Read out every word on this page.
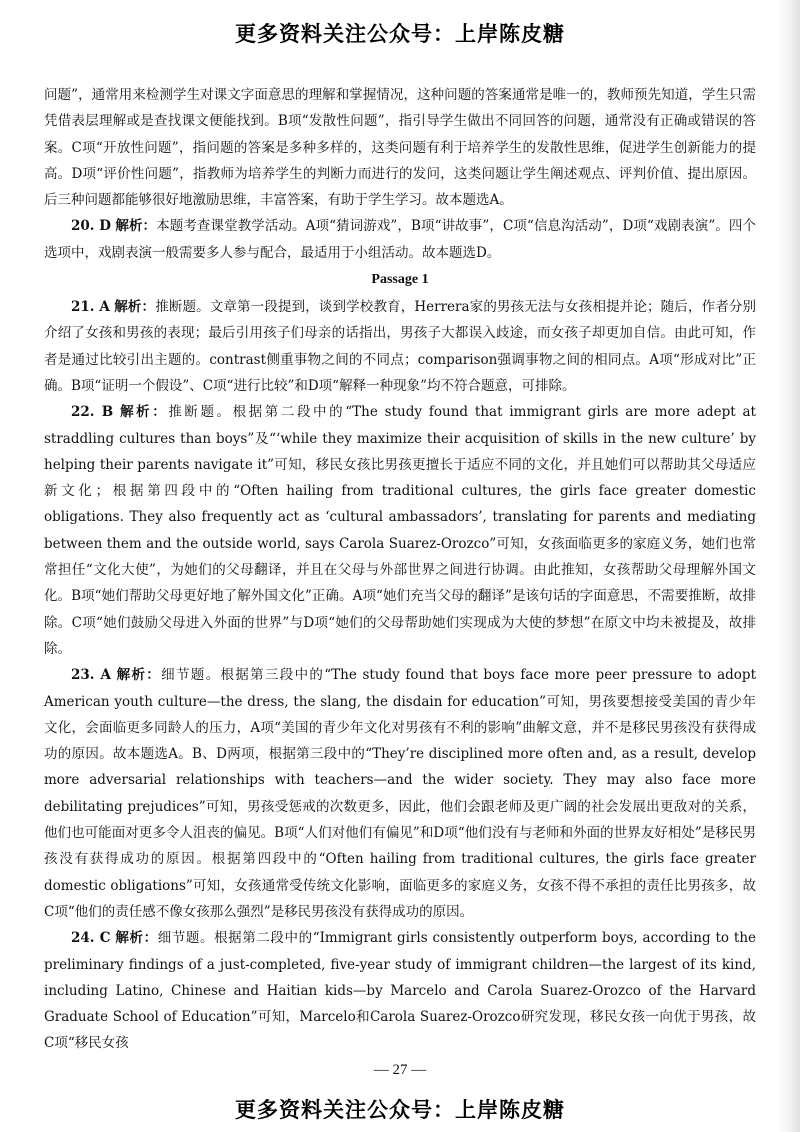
更多资料关注公众号：上岸陈皮糖

问题”，通常用来检测学生对课文字面意思的理解和掌握情况，这种问题的答案通常是唯一的，教师预先知道，学生只需凭借表层理解或是查找课文便能找到。B项“发散性问题”，指引导学生做出不同回答的问题，通常没有正确或错误的答案。C项“开放性问题”，指问题的答案是多种多样的，这类问题有利于培养学生的发散性思维，促进学生创新能力的提高。D项“评价性问题”，指教师为培养学生的判断力而进行的发问，这类问题让学生阐述观点、评判价值、提出原因。后三种问题都能够很好地激励思维，丰富答案，有助于学生学习。故本题选A。

20. D 解析：本题考查课堂教学活动。A项“猜词游戏”，B项“讲故事”，C项“信息沟活动”，D项“戏剧表演”。四个选项中，戏剧表演一般需要多人参与配合，最适用于小组活动。故本题选D。

Passage 1

21. A 解析：推断题。文章第一段提到，谈到学校教育，Herrera家的男孩无法与女孩相提并论；随后，作者分别介绍了女孩和男孩的表现；最后引用孩子们母亲的话指出，男孩子大都误入歧途，而女孩子却更加自信。由此可知，作者是通过比较引出主题的。contrast侧重事物之间的不同点；comparison强调事物之间的相同点。A项“形成对比”正确。B项“证明一个假设”、C项“进行比较”和D项“解释一种现象”均不符合题意，可排除。

22. B 解析：推断题。根据第二段中的“The study found that immigrant girls are more adept at straddling cultures than boys”及“‘while they maximize their acquisition of skills in the new culture’ by helping their parents navigate it”可知，移民女孩比男孩更擅长于适应不同的文化，并且她们可以帮助其父母适应新文化；根据第四段中的“Often hailing from traditional cultures, the girls face greater domestic obligations. They also frequently act as ‘cultural ambassadors’, translating for parents and mediating between them and the outside world, says Carola Suarez-Orozco”可知，女孩面临更多的家庭义务，她们也常常担任“文化大使”，为她们的父母翻译，并且在父母与外部世界之间进行协调。由此推知，女孩帮助父母理解外国文化。B项“她们帮助父母更好地了解外国文化”正确。A项“她们充当父母的翻译”是该句话的字面意思，不需要推断，故排除。C项“她们鼓励父母进入外面的世界”与D项“她们的父母帮助她们实现成为大使的梦想”在原文中均未被提及，故排除。

23. A 解析：细节题。根据第三段中的“The study found that boys face more peer pressure to adopt American youth culture—the dress, the slang, the disdain for education”可知，男孩要想接受美国的青少年文化，会面临更多同龄人的压力，A项“美国的青少年文化对男孩有不利的影响”曲解文意，并不是移民男孩没有获得成功的原因。故本题选A。B、D两项，根据第三段中的“They’re disciplined more often and, as a result, develop more adversarial relationships with teachers—and the wider society. They may also face more debilitating prejudices”可知，男孩受惩戒的次数更多，因此，他们会跟老师及更广阔的社会发展出更敌对的关系，他们也可能面对更多令人沮丧的偏见。B项“人们对他们有偏见”和D项“他们没有与老师和外面的世界友好相处”是移民男孩没有获得成功的原因。根据第四段中的“Often hailing from traditional cultures, the girls face greater domestic obligations”可知，女孩通常受传统文化影响，面临更多的家庭义务，女孩不得不承担的责任比男孩多，故C项“他们的责任感不像女孩那么强烈”是移民男孩没有获得成功的原因。

24. C 解析：细节题。根据第二段中的“Immigrant girls consistently outperform boys, according to the preliminary findings of a just-completed, five-year study of immigrant children—the largest of its kind, including Latino, Chinese and Haitian kids—by Marcelo and Carola Suarez-Orozco of the Harvard Graduate School of Education”可知，Marcelo和Carola Suarez-Orozco研究发现，移民女孩一向优于男孩，故C项“移民女孩

— 27 —
更多资料关注公众号：上岸陈皮糖
